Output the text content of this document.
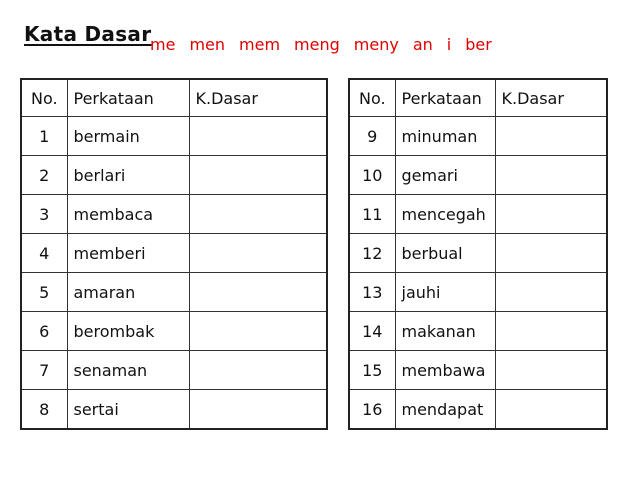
Kata Dasar
me men mem meng meny an i ber
No.	Perkataan	K.Dasar
1	bermain	
2	berlari	
3	membaca	
4	memberi	
5	amaran	
6	berombak	
7	senaman	
8	sertai	
No.	Perkataan	K.Dasar
9	minuman	
10	gemari	
11	mencegah	
12	berbual	
13	jauhi	
14	makanan	
15	membawa	
16	mendapat	
